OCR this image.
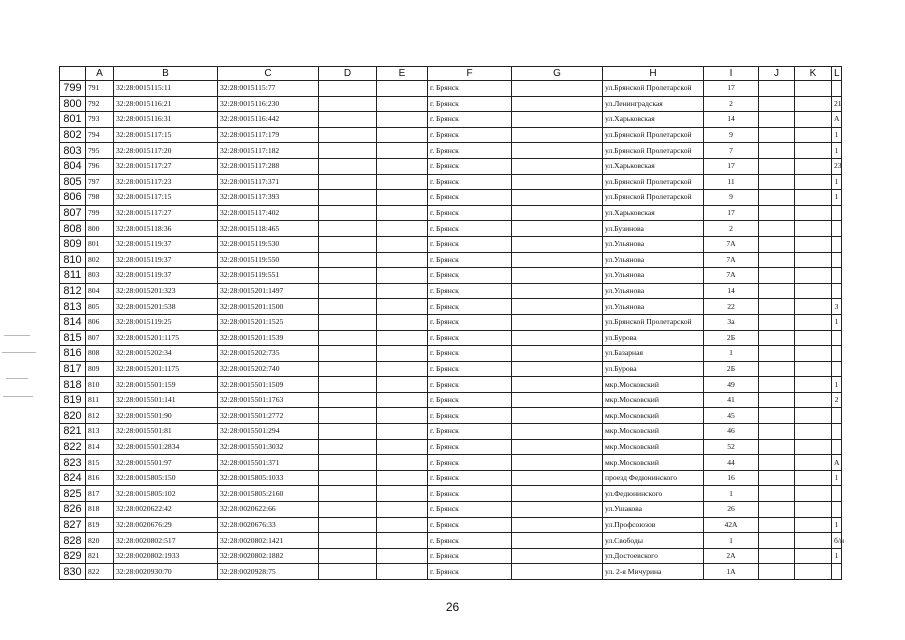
	A	B	C	D	E	F	G	H	I	J	K	L	
799	791	32:28:0015115:11	32:28:0015115:77			г. Брянск		ул.Брянской Пролетарской	17				
800	792	32:28:0015116:21	32:28:0015116:230			г. Брянск		ул.Ленинградская	2			21	
801	793	32:28:0015116:31	32:28:0015116:442			г. Брянск		ул.Харьковская	14			А	
802	794	32:28:0015117:15	32:28:0015117:179			г. Брянск		ул.Брянской Пролетарской	9			1	
803	795	32:28:0015117:20	32:28:0015117:182			г. Брянск		ул.Брянской Пролетарской	7			1	
804	796	32:28:0015117:27	32:28:0015117:288			г. Брянск		ул.Харьковская	17			23	
805	797	32:28:0015117:23	32:28:0015117:371			г. Брянск		ул.Брянской Пролетарской	11			1	
806	798	32:28:0015117:15	32:28:0015117:393			г. Брянск		ул.Брянской Пролетарской	9			1	
807	799	32:28:0015117:27	32:28:0015117:402			г. Брянск		ул.Харьковская	17				
808	800	32:28:0015118:36	32:28:0015118:465			г. Брянск		ул.Бузинова	2				
809	801	32:28:0015119:37	32:28:0015119:530			г. Брянск		ул.Ульянова	7А				
810	802	32:28:0015119:37	32:28:0015119:550			г. Брянск		ул.Ульянова	7А				
811	803	32:28:0015119:37	32:28:0015119:551			г. Брянск		ул.Ульянова	7А				
812	804	32:28:0015201:323	32:28:0015201:1497			г. Брянск		ул.Ульянова	14				
813	805	32:28:0015201:538	32:28:0015201:1500			г. Брянск		ул.Ульянова	22			3	
814	806	32:28:0015119:25	32:28:0015201:1525			г. Брянск		ул.Брянской Пролетарской	3а			1	
815	807	32:28:0015201:1175	32:28:0015201:1539			г. Брянск		ул.Бурова	2Б				
816	808	32:28:0015202:34	32:28:0015202:735			г. Брянск		ул.Базарная	1				
817	809	32:28:0015201:1175	32:28:0015202:740			г. Брянск		ул.Бурова	2Б				
818	810	32:28:0015501:159	32:28:0015501:1509			г. Брянск		мкр.Московский	49			1	
819	811	32:28:0015501:141	32:28:0015501:1763			г. Брянск		мкр.Московский	41			2	
820	812	32:28:0015501:90	32:28:0015501:2772			г. Брянск		мкр.Московский	45				
821	813	32:28:0015501:81	32:28:0015501:294			г. Брянск		мкр.Московский	46				
822	814	32:28:0015501:2834	32:28:0015501:3032			г. Брянск		мкр.Московский	52				
823	815	32:28:0015501:97	32:28:0015501:371			г. Брянск		мкр.Московский	44			А	
824	816	32:28:0015805:150	32:28:0015805:1033			г. Брянск		проезд Федюнинского	16			1	
825	817	32:28:0015805:102	32:28:0015805:2160			г. Брянск		ул.Федюнинского	1				
826	818	32:28:0020622:42	32:28:0020622:66			г. Брянск		ул.Ушакова	26				
827	819	32:28:0020676:29	32:28:0020676:33			г. Брянск		ул.Профсоюзов	42А			1	
828	820	32:28:0020802:517	32:28:0020802:1421			г. Брянск		ул.Свободы	1			б/н	
829	821	32:28:0020802:1933	32:28:0020802:1882			г. Брянск		ул.Достоевского	2А			1	
830	822	32:28:0020930:70	32:28:0020928:75			г. Брянск		ул. 2-я Мичурина	1А				
26
